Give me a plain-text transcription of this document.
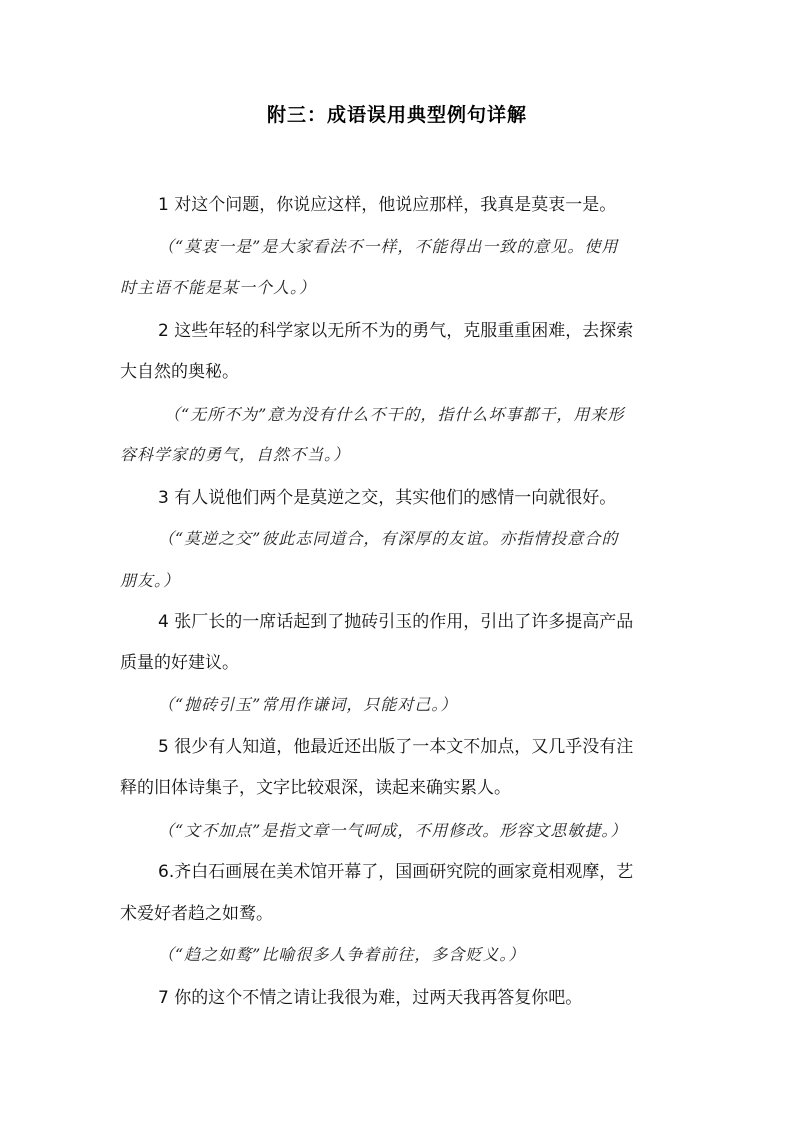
附三：成语误用典型例句详解
1 对这个问题，你说应这样，他说应那样，我真是莫衷一是。
（“莫衷一是”是大家看法不一样，不能得出一致的意见。使用
时主语不能是某一个人。）
2 这些年轻的科学家以无所不为的勇气，克服重重困难，去探索
大自然的奥秘。
（“无所不为”意为没有什么不干的，指什么坏事都干，用来形
容科学家的勇气，自然不当。）
3 有人说他们两个是莫逆之交，其实他们的感情一向就很好。
（“莫逆之交”彼此志同道合，有深厚的友谊。亦指情投意合的
朋友。）
4 张厂长的一席话起到了抛砖引玉的作用，引出了许多提高产品
质量的好建议。
（“抛砖引玉”常用作谦词，只能对己。）
5 很少有人知道，他最近还出版了一本文不加点，又几乎没有注
释的旧体诗集子，文字比较艰深，读起来确实累人。
（“文不加点”是指文章一气呵成，不用修改。形容文思敏捷。）
6.齐白石画展在美术馆开幕了，国画研究院的画家竟相观摩，艺
术爱好者趋之如鹜。
（“趋之如鹜”比喻很多人争着前往，多含贬义。）
7 你的这个不情之请让我很为难，过两天我再答复你吧。
